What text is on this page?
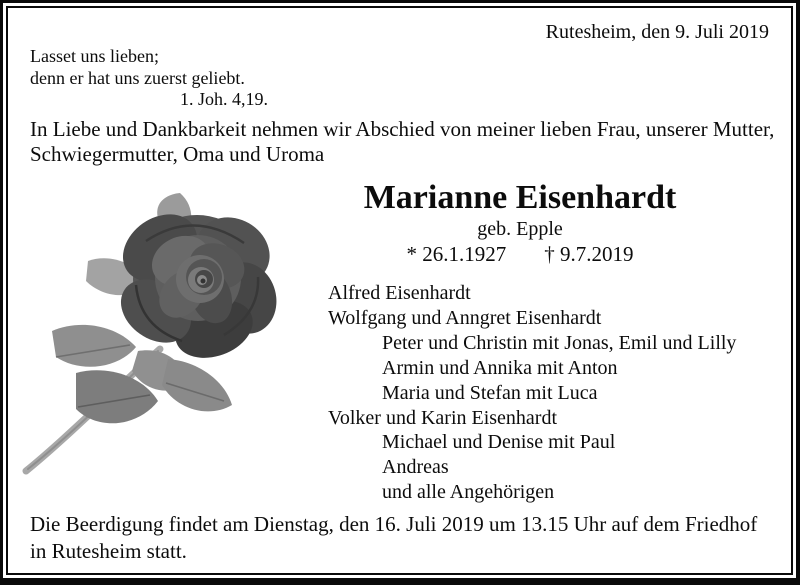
Rutesheim, den 9. Juli 2019
Lasset uns lieben;
denn er hat uns zuerst geliebt.
1. Joh. 4,19.
In Liebe und Dankbarkeit nehmen wir Abschied von meiner lieben Frau, unserer Mutter,
Schwiegermutter, Oma und Uroma
Marianne Eisenhardt
geb. Epple
* 26.1.1927 † 9.7.2019
Alfred Eisenhardt
Wolfgang und Anngret Eisenhardt
Peter und Christin mit Jonas, Emil und Lilly
Armin und Annika mit Anton
Maria und Stefan mit Luca
Volker und Karin Eisenhardt
Michael und Denise mit Paul
Andreas
und alle Angehörigen
Die Beerdigung findet am Dienstag, den 16. Juli 2019 um 13.15 Uhr auf dem Friedhof
in Rutesheim statt.
